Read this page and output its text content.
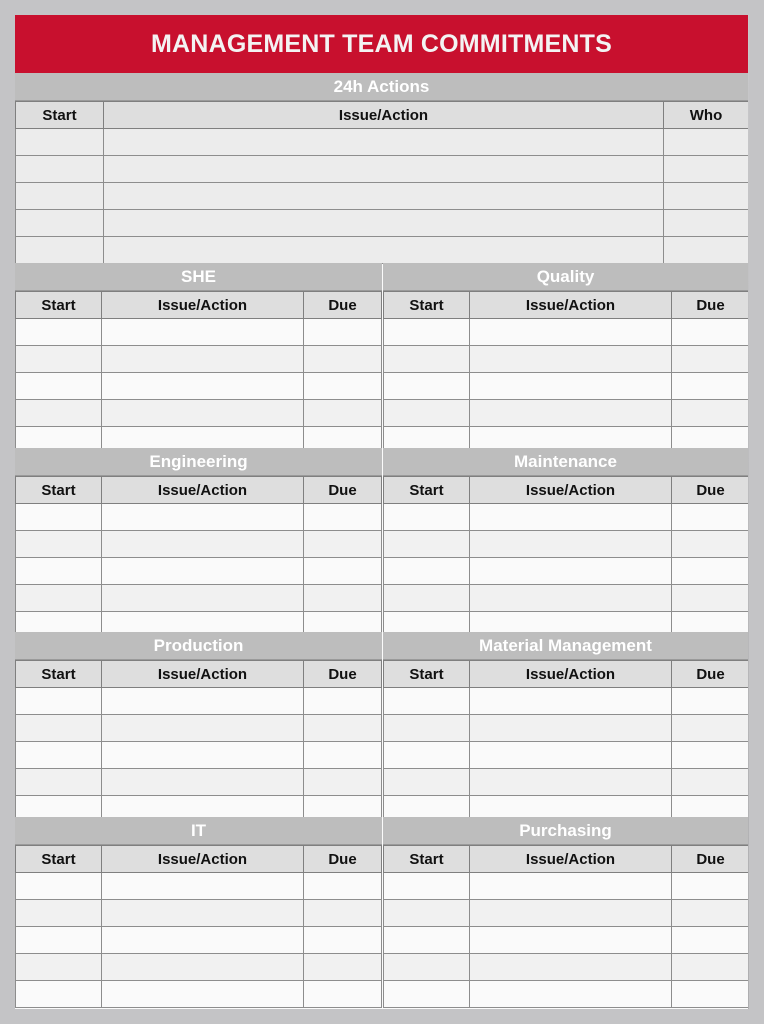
MANAGEMENT TEAM COMMITMENTS
24h Actions
Start	Issue/Action	Who

SHE
Start	Issue/Action	Due

Quality
Start	Issue/Action	Due

Engineering
Start	Issue/Action	Due

Maintenance
Start	Issue/Action	Due

Production
Start	Issue/Action	Due

Material Management
Start	Issue/Action	Due

IT
Start	Issue/Action	Due

Purchasing
Start	Issue/Action	Due
